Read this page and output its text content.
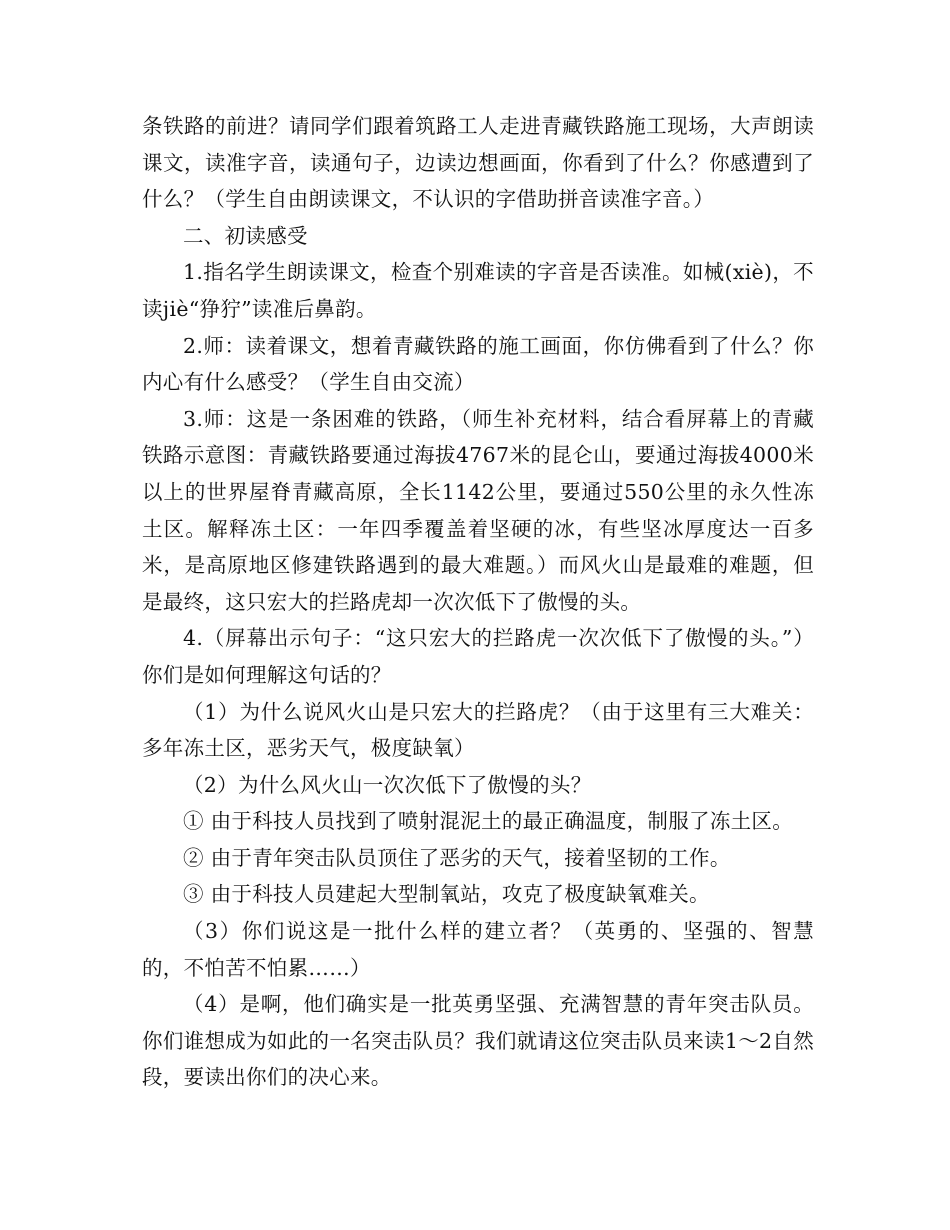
条铁路的前进？请同学们跟着筑路工人走进青藏铁路施工现场，大声朗读课文，读准字音，读通句子，边读边想画面，你看到了什么？你感遭到了什么？（学生自由朗读课文，不认识的字借助拼音读准字音。）

二、初读感受

1.指名学生朗读课文，检查个别难读的字音是否读准。如械(xiè)，不读jiè“狰狞”读准后鼻韵。

2.师：读着课文，想着青藏铁路的施工画面，你仿佛看到了什么？你内心有什么感受？（学生自由交流）

3.师：这是一条困难的铁路，（师生补充材料，结合看屏幕上的青藏铁路示意图：青藏铁路要通过海拔4767米的昆仑山，要通过海拔4000米以上的世界屋脊青藏高原，全长1142公里，要通过550公里的永久性冻土区。解释冻土区：一年四季覆盖着坚硬的冰，有些坚冰厚度达一百多米，是高原地区修建铁路遇到的最大难题。）而风火山是最难的难题，但是最终，这只宏大的拦路虎却一次次低下了傲慢的头。

4.（屏幕出示句子：“这只宏大的拦路虎一次次低下了傲慢的头。”）你们是如何理解这句话的？

（1）为什么说风火山是只宏大的拦路虎？（由于这里有三大难关：多年冻土区，恶劣天气，极度缺氧）

（2）为什么风火山一次次低下了傲慢的头？

① 由于科技人员找到了喷射混泥土的最正确温度，制服了冻土区。

② 由于青年突击队员顶住了恶劣的天气，接着坚韧的工作。

③ 由于科技人员建起大型制氧站，攻克了极度缺氧难关。

（3）你们说这是一批什么样的建立者？（英勇的、坚强的、智慧的，不怕苦不怕累……）

（4）是啊，他们确实是一批英勇坚强、充满智慧的青年突击队员。你们谁想成为如此的一名突击队员？我们就请这位突击队员来读1～2自然段，要读出你们的决心来。
